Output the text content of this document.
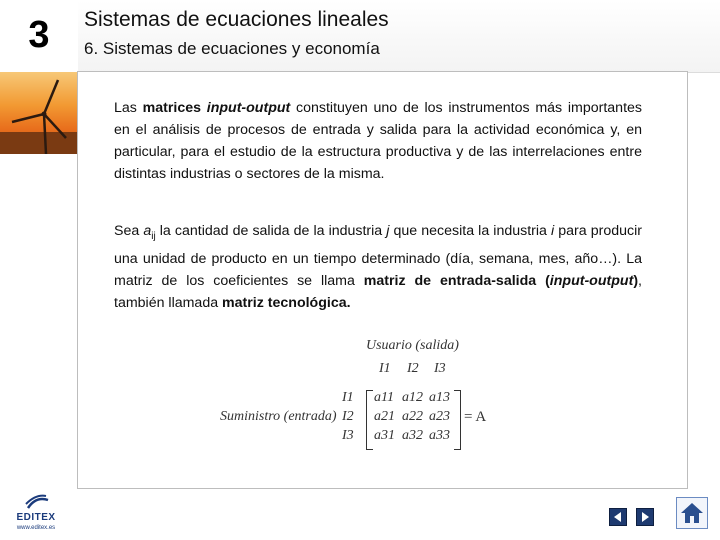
3
EDITEX
www.editex.es
Sistemas de ecuaciones lineales
6. Sistemas de ecuaciones y economía
Las matrices input-output constituyen uno de los instrumentos más importantes en el análisis de procesos de entrada y salida para la actividad económica y, en particular, para el estudio de la estructura productiva y de las interrelaciones entre distintas industrias o sectores de la misma.
Sea $a_{ij}$ la cantidad de salida de la industria j que necesita la industria i para producir una unidad de producto en un tiempo determinado (día, semana, mes, año…). La matriz de los coeficientes se llama matriz de entrada-salida (input-output), también llamada matriz tecnológica.
Usuario (salida)
I1 I2 I3
Suministro (entrada)
I1
I2
I3
a11 a12 a13
a21 a22 a23
a31 a32 a33
= A
